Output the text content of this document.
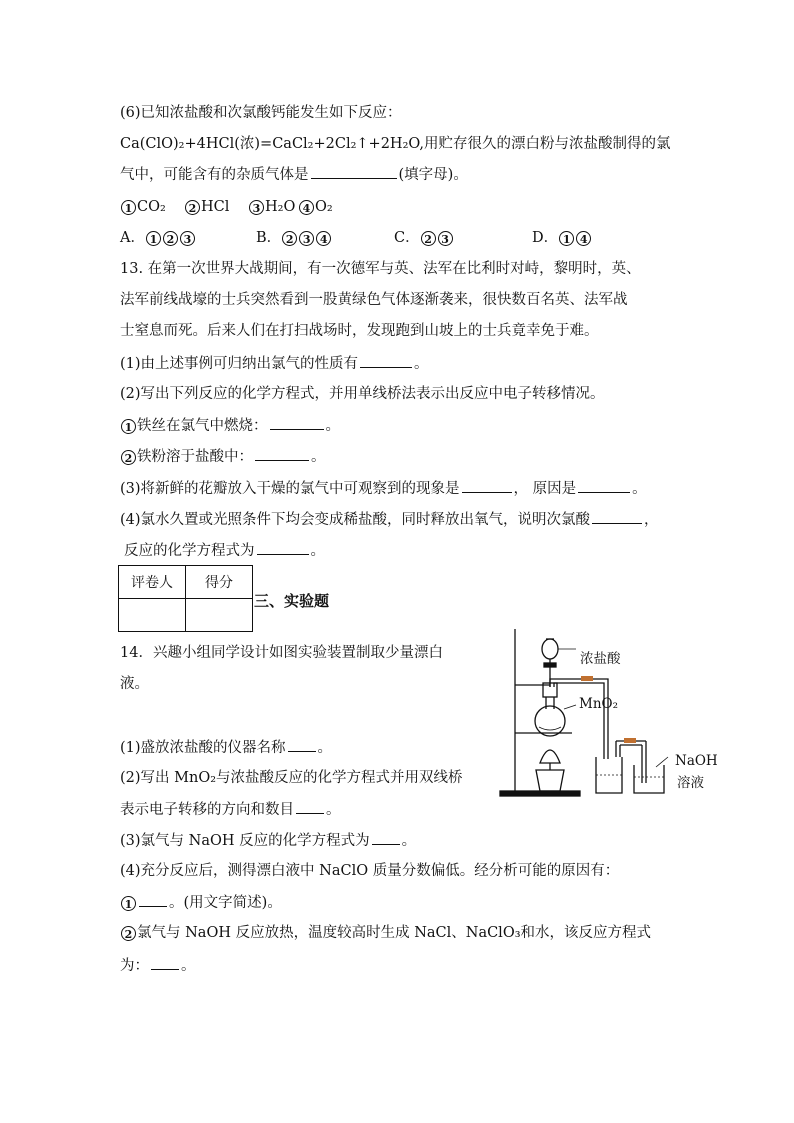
(6)已知浓盐酸和次氯酸钙能发生如下反应：
Ca(ClO)₂+4HCl(浓)=CaCl₂+2Cl₂↑+2H₂O,用贮存很久的漂白粉与浓盐酸制得的氯
气中，可能含有的杂质气体是	(填字母)。
1 CO₂ 2 HCl 3 H₂O 4 O₂
A． 1 2 3	B． 2 3 4	C． 2 3	D． 1 4
13. 在第一次世界大战期间，有一次德军与英、法军在比利时对峙，黎明时，英、
法军前线战壕的士兵突然看到一股黄绿色气体逐渐袭来，很快数百名英、法军战
士窒息而死。后来人们在打扫战场时，发现跑到山坡上的士兵竟幸免于难。
(1)由上述事例可归纳出氯气的性质有	。
(2)写出下列反应的化学方程式，并用单线桥法表示出反应中电子转移情况。
1 铁丝在氯气中燃烧：	。
2 铁粉溶于盐酸中：	。
(3)将新鲜的花瓣放入干燥的氯气中可观察到的现象是	， 原因是	。
(4)氯水久置或光照条件下均会变成稀盐酸，同时释放出氧气，说明次氯酸	，
反应的化学方程式为	。
评卷人	得分

三、实验题
14．兴趣小组同学设计如图实验装置制取少量漂白
液。
(1)盛放浓盐酸的仪器名称 。
(2)写出 MnO₂与浓盐酸反应的化学方程式并用双线桥
表示电子转移的方向和数目 。
(3)氯气与 NaOH 反应的化学方程式为 。
(4)充分反应后，测得漂白液中 NaClO 质量分数偏低。经分析可能的原因有：
1	。(用文字简述)。
2 氯气与 NaOH 反应放热，温度较高时生成 NaCl、NaClO₃和水，该反应方程式
为： 。
浓盐酸
MnO₂
NaOH
溶液
